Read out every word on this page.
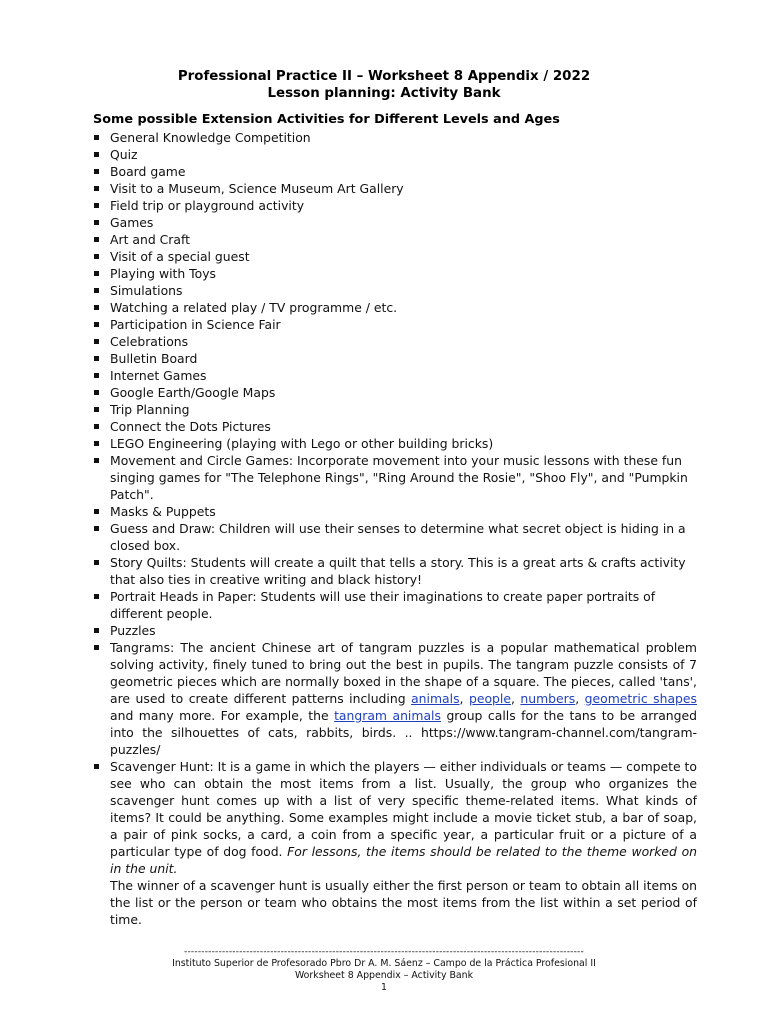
Professional Practice II – Worksheet 8 Appendix / 2022
Lesson planning: Activity Bank
Some possible Extension Activities for Different Levels and Ages
General Knowledge Competition
Quiz
Board game
Visit to a Museum, Science Museum Art Gallery
Field trip or playground activity
Games
Art and Craft
Visit of a special guest
Playing with Toys
Simulations
Watching a related play / TV programme / etc.
Participation in Science Fair
Celebrations
Bulletin Board
Internet Games
Google Earth/Google Maps
Trip Planning
Connect the Dots Pictures
LEGO Engineering (playing with Lego or other building bricks)
Movement and Circle Games: Incorporate movement into your music lessons with these fun singing games for "The Telephone Rings", "Ring Around the Rosie", "Shoo Fly", and "Pumpkin Patch".
Masks & Puppets
Guess and Draw: Children will use their senses to determine what secret object is hiding in a closed box.
Story Quilts: Students will create a quilt that tells a story. This is a great arts & crafts activity that also ties in creative writing and black history!
Portrait Heads in Paper: Students will use their imaginations to create paper portraits of different people.
Puzzles
Tangrams: The ancient Chinese art of tangram puzzles is a popular mathematical problem solving activity, finely tuned to bring out the best in pupils. The tangram puzzle consists of 7 geometric pieces which are normally boxed in the shape of a square. The pieces, called 'tans', are used to create different patterns including animals, people, numbers, geometric shapes and many more. For example, the tangram animals group calls for the tans to be arranged into the silhouettes of cats, rabbits, birds. .. https://www.tangram-channel.com/tangram-puzzles/
Scavenger Hunt: It is a game in which the players — either individuals or teams — compete to see who can obtain the most items from a list. Usually, the group who organizes the scavenger hunt comes up with a list of very specific theme-related items. What kinds of items? It could be anything. Some examples might include a movie ticket stub, a bar of soap, a pair of pink socks, a card, a coin from a specific year, a particular fruit or a picture of a particular type of dog food. For lessons, the items should be related to the theme worked on in the unit.
The winner of a scavenger hunt is usually either the first person or team to obtain all items on the list or the person or team who obtains the most items from the list within a set period of time.
--------------------------------------------------------------------------------------------------------------------
Instituto Superior de Profesorado Pbro Dr A. M. Sáenz – Campo de la Práctica Profesional II
Worksheet 8 Appendix – Activity Bank
1
